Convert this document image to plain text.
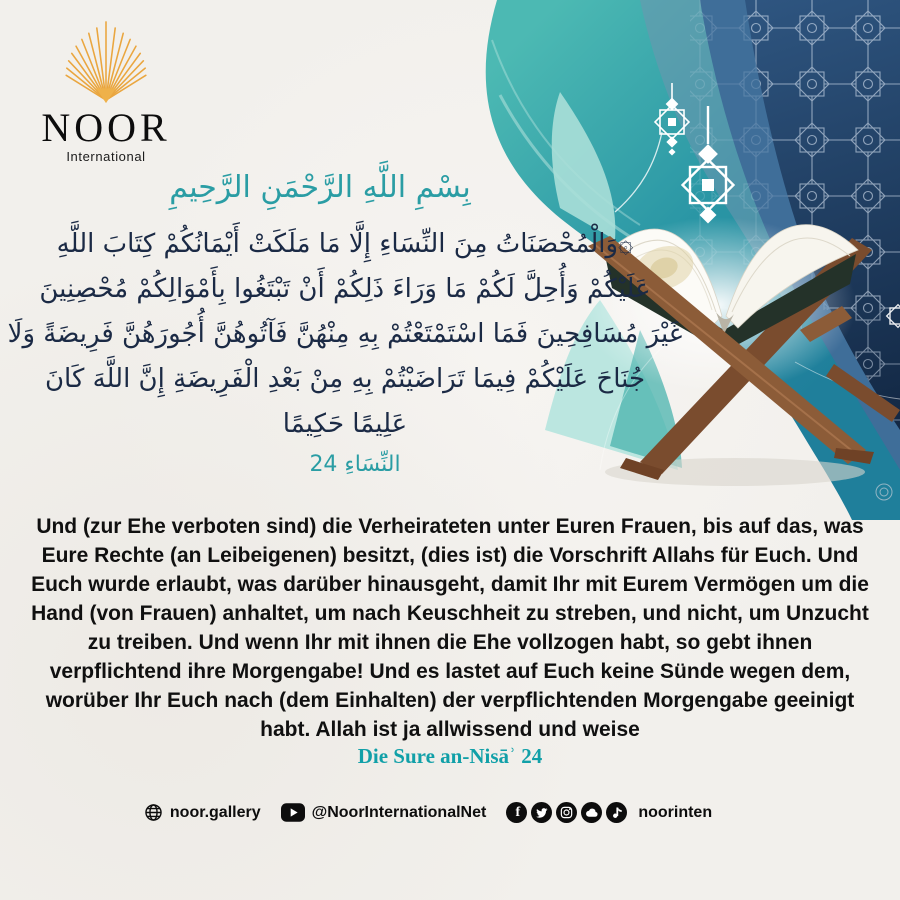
NOOR
International
بِسْمِ اللَّهِ الرَّحْمَنِ الرَّحِيمِ
۞وَالْمُحْصَنَاتُ مِنَ النِّسَاءِ إِلَّا مَا مَلَكَتْ أَيْمَانُكُمْ كِتَابَ اللَّهِ
عَلَيْكُمْ وَأُحِلَّ لَكُمْ مَا وَرَاءَ ذَلِكُمْ أَنْ تَبْتَغُوا بِأَمْوَالِكُمْ مُحْصِنِينَ
غَيْرَ مُسَافِحِينَ فَمَا اسْتَمْتَعْتُمْ بِهِ مِنْهُنَّ فَآتُوهُنَّ أُجُورَهُنَّ فَرِيضَةً وَلَا
جُنَاحَ عَلَيْكُمْ فِيمَا تَرَاضَيْتُمْ بِهِ مِنْ بَعْدِ الْفَرِيضَةِ إِنَّ اللَّهَ كَانَ
عَلِيمًا حَكِيمًا
النِّسَاءِ 24
Und (zur Ehe verboten sind) die Verheirateten unter Euren Frauen, bis auf das, was Eure Rechte (an Leibeigenen) besitzt, (dies ist) die Vorschrift Allahs für Euch. Und Euch wurde erlaubt, was darüber hinausgeht, damit Ihr mit Eurem Vermögen um die Hand (von Frauen) anhaltet, um nach Keuschheit zu streben, und nicht, um Unzucht zu treiben. Und wenn Ihr mit ihnen die Ehe vollzogen habt, so gebt ihnen verpflichtend ihre Morgengabe! Und es lastet auf Euch keine Sünde wegen dem, worüber Ihr Euch nach (dem Einhalten) der verpflichtenden Morgengabe geeinigt habt. Allah ist ja allwissend und weise
Die Sure an-Nisāʾ 24
noor.gallery	@NoorInternationalNet f	noorinten
